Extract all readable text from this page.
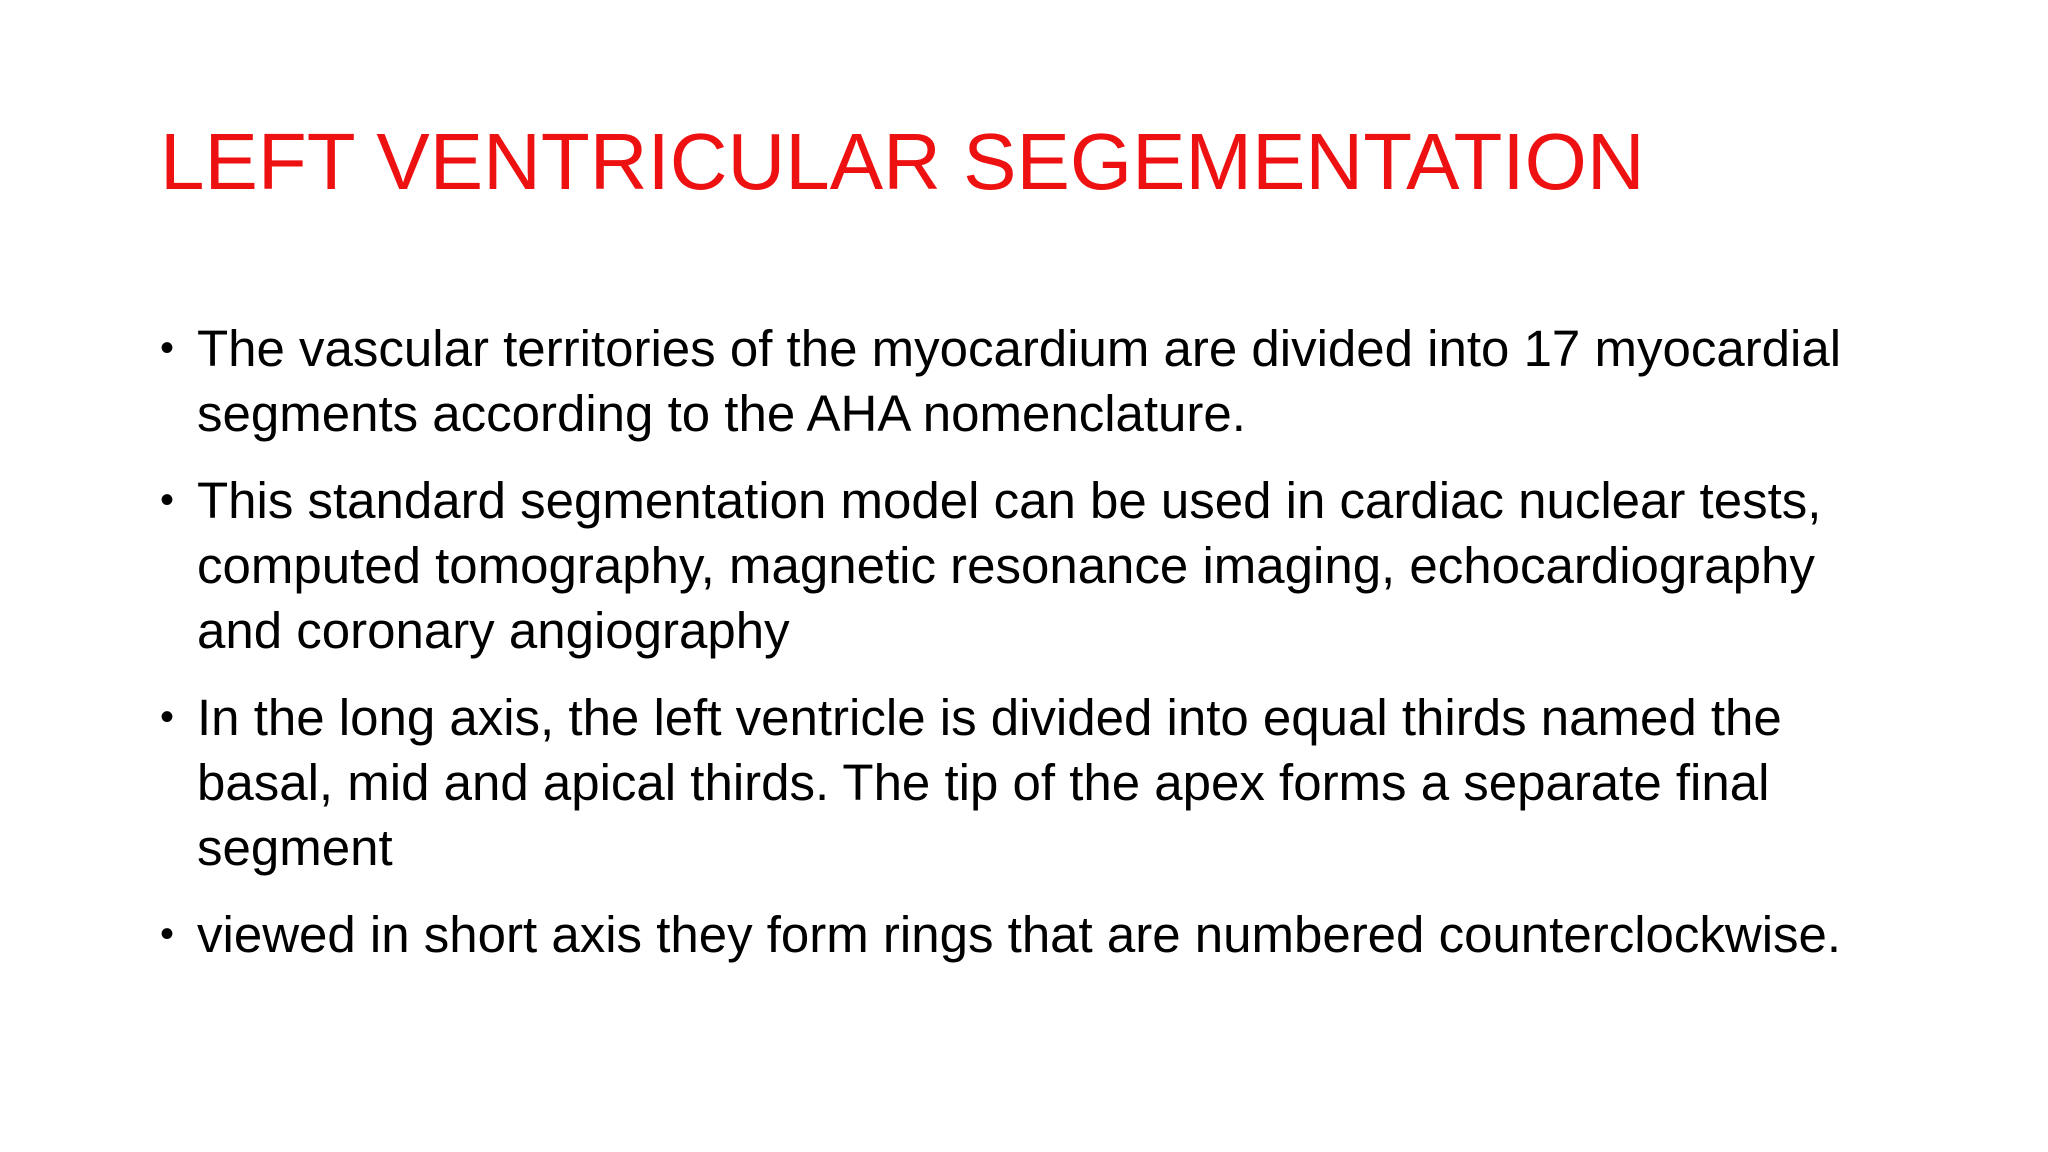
LEFT VENTRICULAR SEGEMENTATION
• The vascular territories of the myocardium are divided into 17 myocardial segments according to the AHA nomenclature.
• This standard segmentation model can be used in cardiac nuclear tests, computed tomography, magnetic resonance imaging, echocardiography and coronary angiography
• In the long axis, the left ventricle is divided into equal thirds named the basal, mid and apical thirds. The tip of the apex forms a separate final segment
• viewed in short axis they form rings that are numbered counterclockwise.
